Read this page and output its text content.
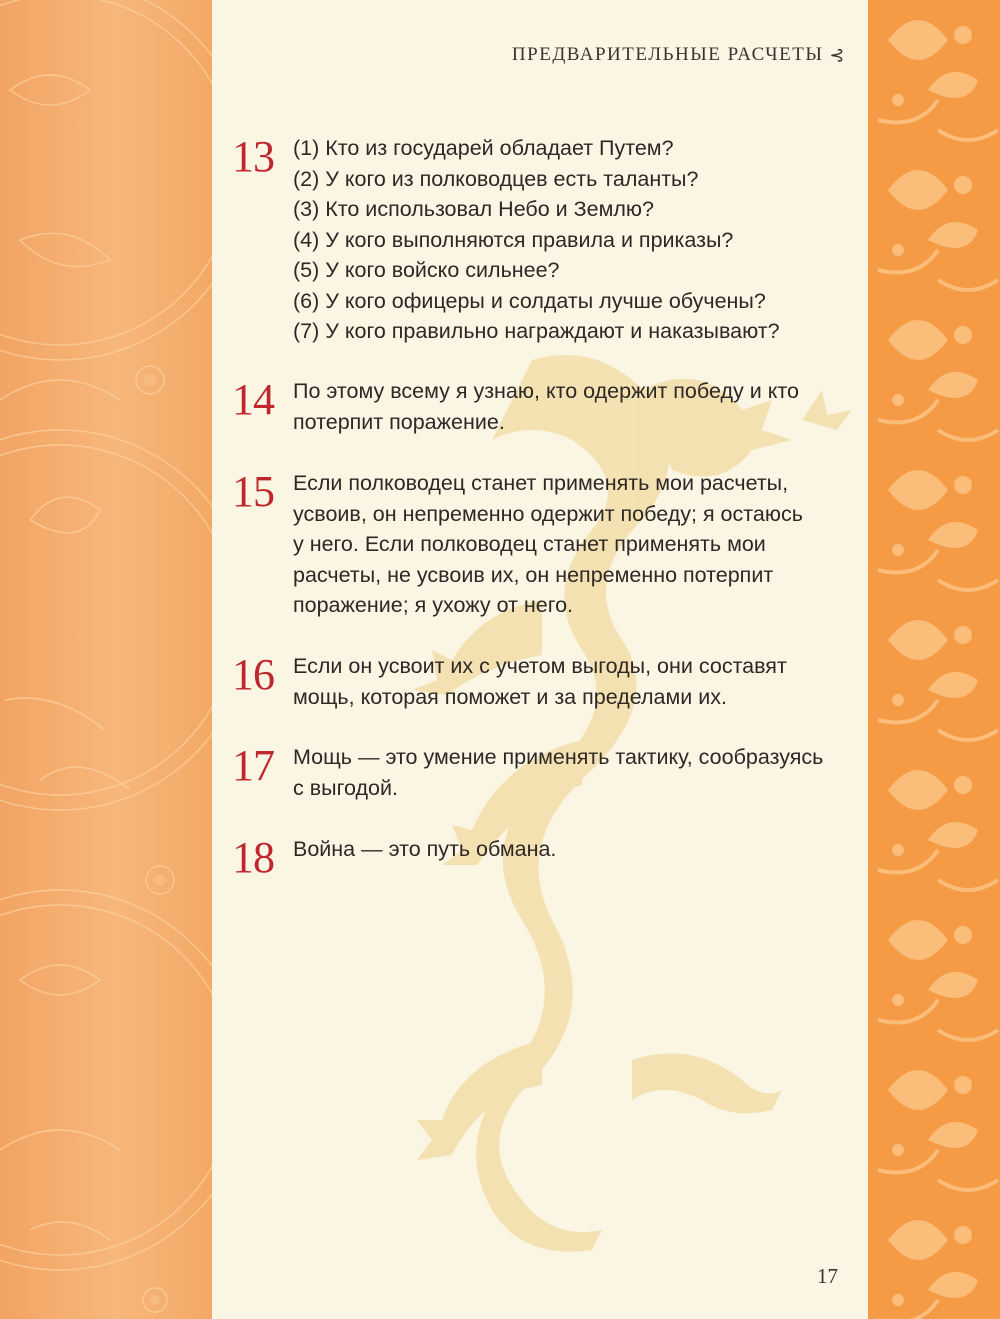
ПРЕДВАРИТЕЛЬНЫЕ РАСЧЕТЫ ⊰
13 (1) Кто из государей обладает Путем?
(2) У кого из полководцев есть таланты?
(3) Кто использовал Небо и Землю?
(4) У кого выполняются правила и приказы?
(5) У кого войско сильнее?
(6) У кого офицеры и солдаты лучше обучены?
(7) У кого правильно награждают и наказывают?
14 По этому всему я узнаю, кто одержит победу и кто
потерпит поражение.
15 Если полководец станет применять мои расчеты,
усвоив, он непременно одержит победу; я остаюсь
у него. Если полководец станет применять мои
расчеты, не усвоив их, он непременно потерпит
поражение; я ухожу от него.
16 Если он усвоит их с учетом выгоды, они составят
мощь, которая поможет и за пределами их.
17 Мощь — это умение применять тактику, сообразуясь
с выгодой.
18 Война — это путь обмана.
17
